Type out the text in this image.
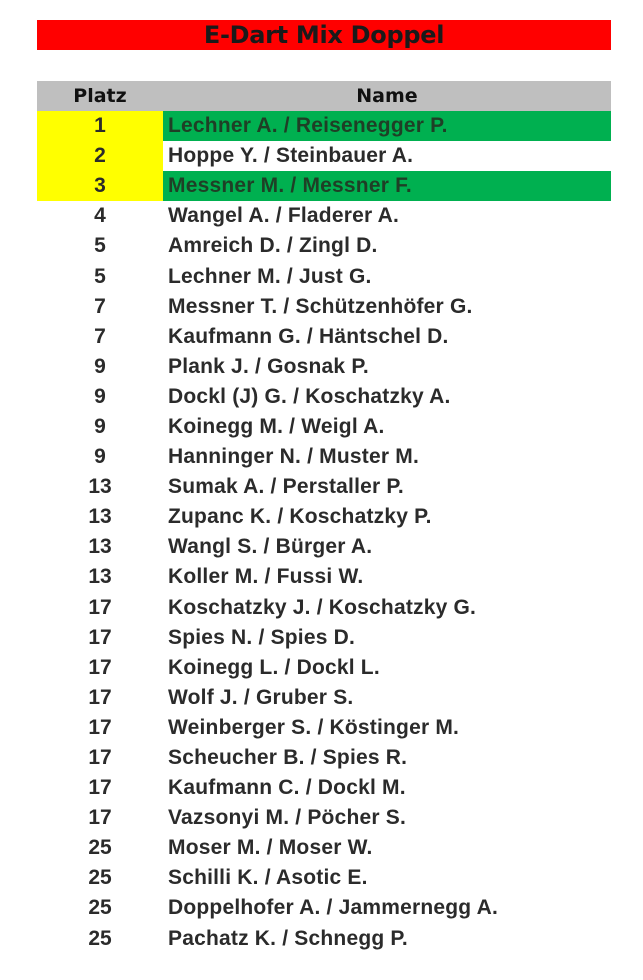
E-Dart Mix Doppel
Platz	Name
1	Lechner A. / Reisenegger P.
2	Hoppe Y. / Steinbauer A.
3	Messner M. / Messner F.
4	Wangel A. / Fladerer A.
5	Amreich D. / Zingl D.
5	Lechner M. / Just G.
7	Messner T. / Schützenhöfer G.
7	Kaufmann G. / Häntschel D.
9	Plank J. / Gosnak P.
9	Dockl (J) G. / Koschatzky A.
9	Koinegg M. / Weigl A.
9	Hanninger N. / Muster M.
13	Sumak A. / Perstaller P.
13	Zupanc K. / Koschatzky P.
13	Wangl S. / Bürger A.
13	Koller M. / Fussi W.
17	Koschatzky J. / Koschatzky G.
17	Spies N. / Spies D.
17	Koinegg L. / Dockl L.
17	Wolf J. / Gruber S.
17	Weinberger S. / Köstinger M.
17	Scheucher B. / Spies R.
17	Kaufmann C. / Dockl M.
17	Vazsonyi M. / Pöcher S.
25	Moser M. / Moser W.
25	Schilli K. / Asotic E.
25	Doppelhofer A. / Jammernegg A.
25	Pachatz K. / Schnegg P.
